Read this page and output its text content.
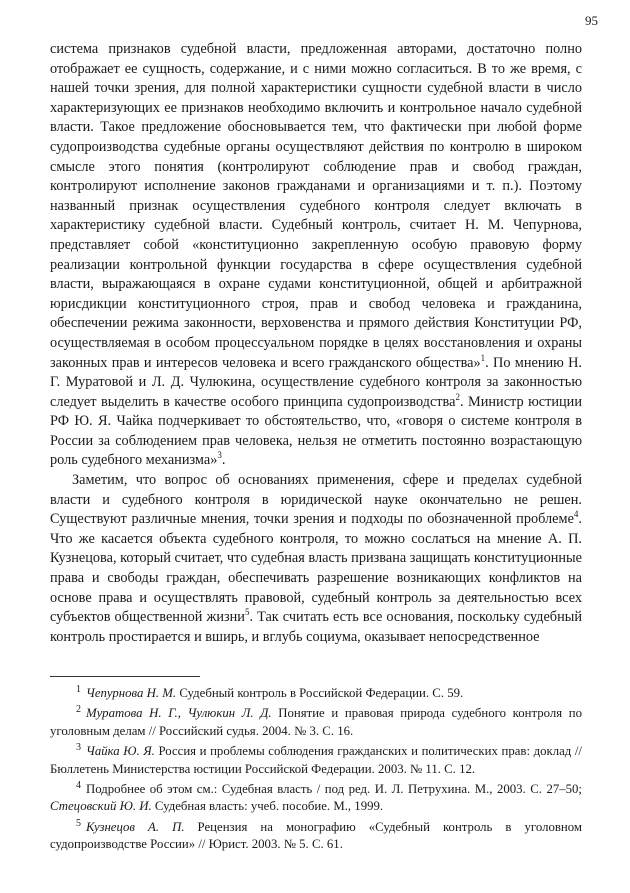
95

система признаков судебной власти, предложенная авторами, достаточно полно отображает ее сущность, содержание, и с ними можно согласиться. В то же время, с нашей точки зрения, для полной характеристики сущности судебной власти в число характеризующих ее признаков необходимо включить и контрольное начало судебной власти. Такое предложение обосновывается тем, что фактически при любой форме судопроизводства судебные органы осуществляют действия по контролю в широком смысле этого понятия (контролируют соблюдение прав и свобод граждан, контролируют исполнение законов гражданами и организациями и т. п.). Поэтому названный признак осуществления судебного контроля следует включать в характеристику судебной власти. Судебный контроль, считает Н. М. Чепурнова, представляет собой «конституционно закрепленную особую правовую форму реализации контрольной функции государства в сфере осуществления судебной власти, выражающаяся в охране судами конституционной, общей и арбитражной юрисдикции конституционного строя, прав и свобод человека и гражданина, обеспечении режима законности, верховенства и прямого действия Конституции РФ, осуществляемая в особом процессуальном порядке в целях восстановления и охраны законных прав и интересов человека и всего гражданского общества»$^1$. По мнению Н. Г. Муратовой и Л. Д. Чулюкина, осуществление судебного контроля за законностью следует выделить в качестве особого принципа судопроизводства$^2$. Министр юстиции РФ Ю. Я. Чайка подчеркивает то обстоятельство, что, «говоря о системе контроля в России за соблюдением прав человека, нельзя не отметить постоянно возрастающую роль судебного механизма»$^3$.

Заметим, что вопрос об основаниях применения, сфере и пределах судебной власти и судебного контроля в юридической науке окончательно не решен. Существуют различные мнения, точки зрения и подходы по обозначенной проблеме$^4$. Что же касается объекта судебного контроля, то можно сослаться на мнение А. П. Кузнецова, который считает, что судебная власть призвана защищать конституционные права и свободы граждан, обеспечивать разрешение возникающих конфликтов на основе права и осуществлять правовой, судебный контроль за деятельностью всех субъектов общественной жизни$^5$. Так считать есть все основания, поскольку судебный контроль простирается и вширь, и вглубь социума, оказывает непосредственное

$^1$ Чепурнова Н. М. Судебный контроль в Российской Федерации. С. 59.

$^2$ Муратова Н. Г., Чулюкин Л. Д. Понятие и правовая природа судебного контроля по уголовным делам // Российский судья. 2004. № 3. С. 16.

$^3$ Чайка Ю. Я. Россия и проблемы соблюдения гражданских и политических прав: доклад // Бюллетень Министерства юстиции Российской Федерации. 2003. № 11. С. 12.

$^4$ Подробнее об этом см.: Судебная власть / под ред. И. Л. Петрухина. М., 2003. С. 27–50; Стецовский Ю. И. Судебная власть: учеб. пособие. М., 1999.

$^5$ Кузнецов А. П. Рецензия на монографию «Судебный контроль в уголовном судопроизводстве России» // Юрист. 2003. № 5. С. 61.
